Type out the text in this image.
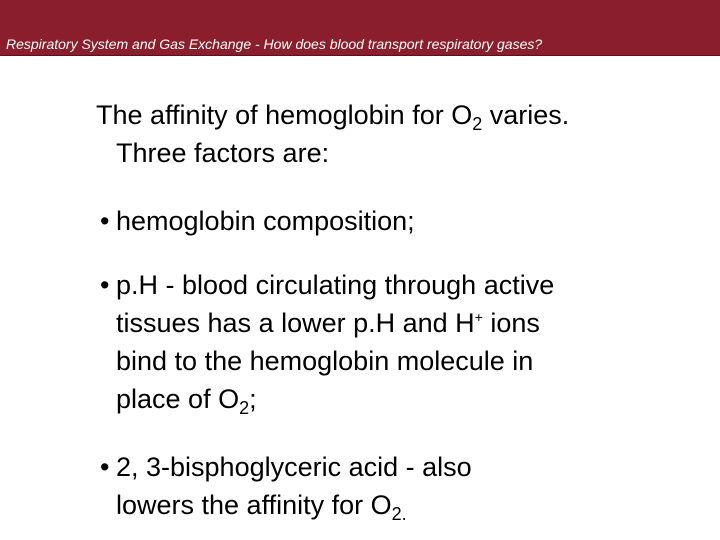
Respiratory System and Gas Exchange - How does blood transport respiratory gases?
The affinity of hemoglobin for $O_2$ varies.
Three factors are:
• hemoglobin composition;
• p.H - blood circulating through active
tissues has a lower p.H and H+ ions
bind to the hemoglobin molecule in
place of $O_2$;
• 2, 3-bisphoglyceric acid - also
lowers the affinity for $O_{2.}$
